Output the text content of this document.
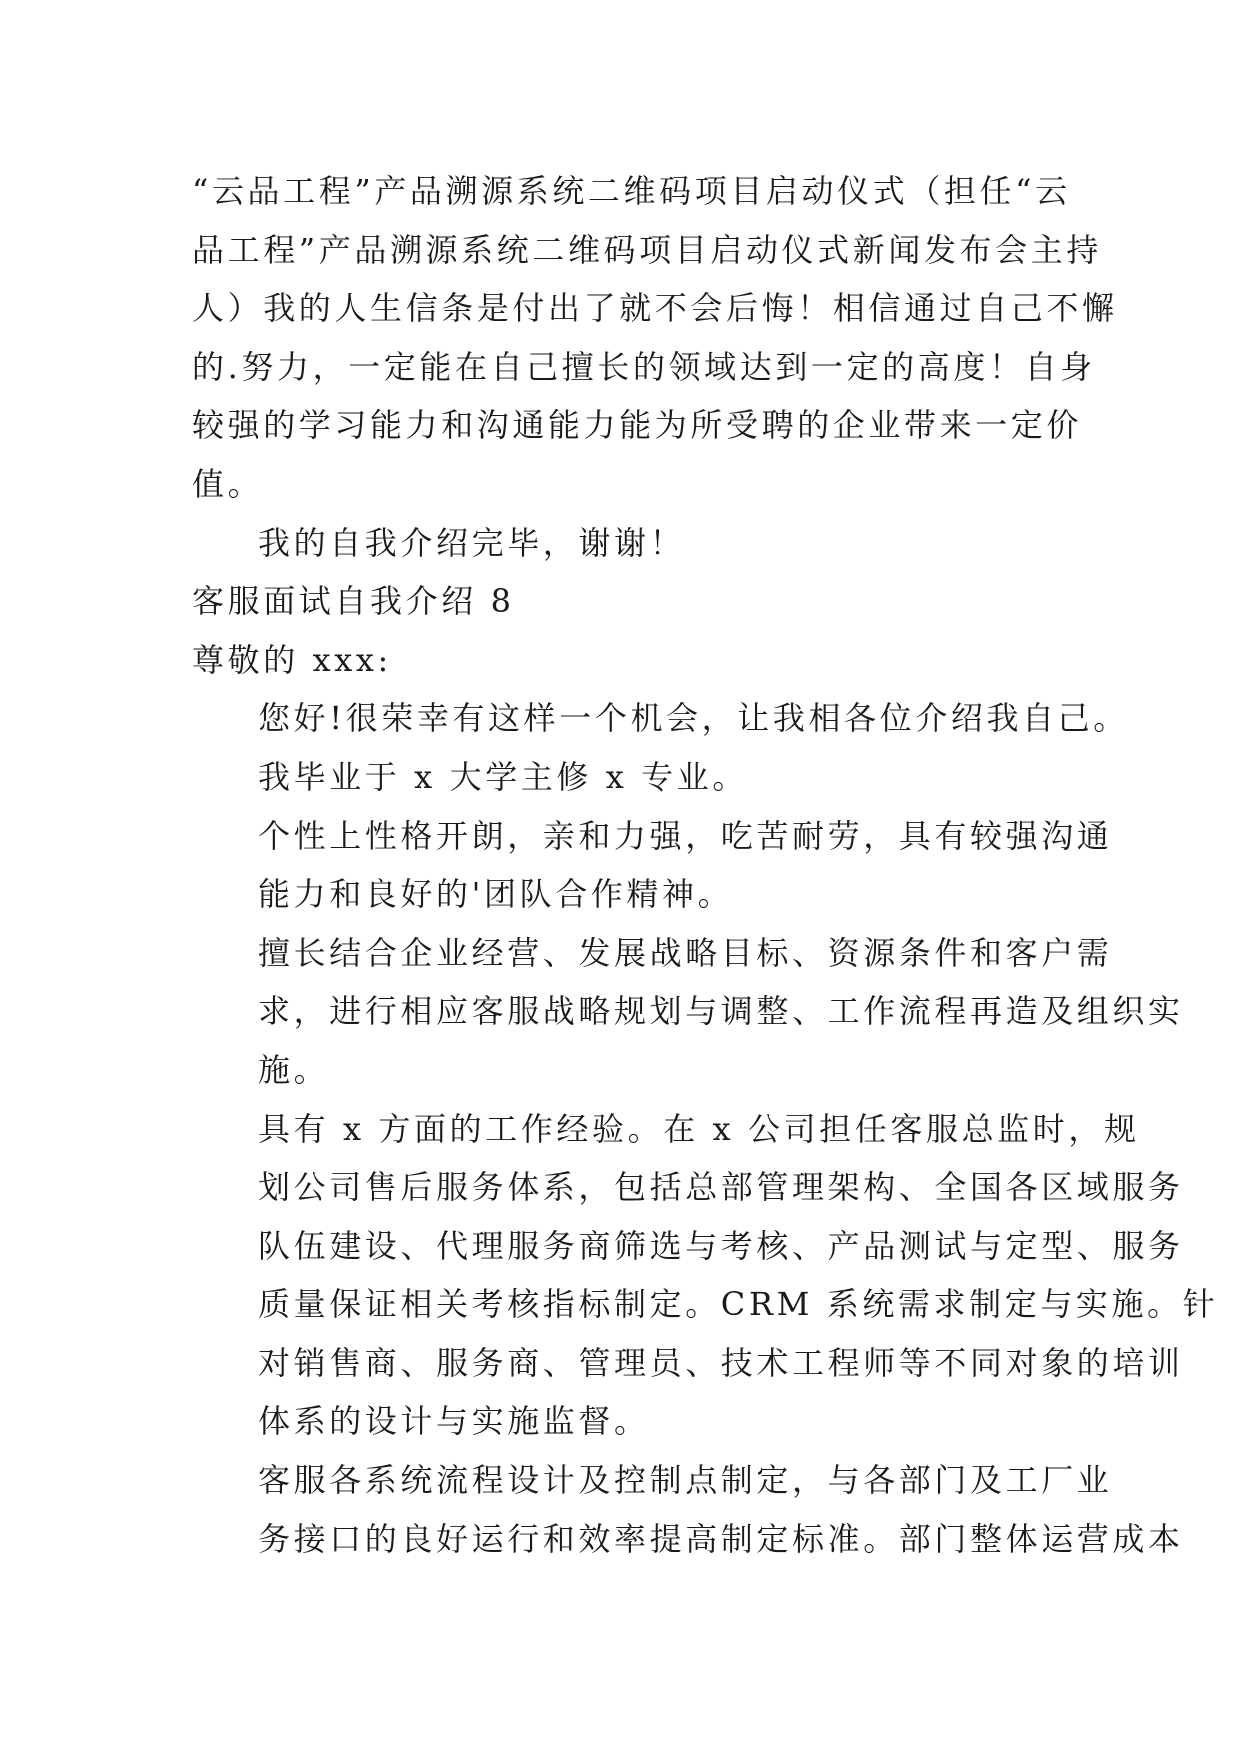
“云品工程”产品溯源系统二维码项目启动仪式（担任“云
品工程”产品溯源系统二维码项目启动仪式新闻发布会主持
人）我的人生信条是付出了就不会后悔！相信通过自己不懈
的.努力，一定能在自己擅长的领域达到一定的高度！自身
较强的学习能力和沟通能力能为所受聘的企业带来一定价
值。

我的自我介绍完毕，谢谢！

客服面试自我介绍 8

尊敬的 xxx:

您好!很荣幸有这样一个机会，让我相各位介绍我自己。
我毕业于 x 大学主修 x 专业。

个性上性格开朗，亲和力强，吃苦耐劳，具有较强沟通
能力和良好的'团队合作精神。

擅长结合企业经营、发展战略目标、资源条件和客户需
求，进行相应客服战略规划与调整、工作流程再造及组织实
施。

具有 x 方面的工作经验。在 x 公司担任客服总监时，规
划公司售后服务体系，包括总部管理架构、全国各区域服务
队伍建设、代理服务商筛选与考核、产品测试与定型、服务
质量保证相关考核指标制定。CRM 系统需求制定与实施。针
对销售商、服务商、管理员、技术工程师等不同对象的培训
体系的设计与实施监督。

客服各系统流程设计及控制点制定，与各部门及工厂业
务接口的良好运行和效率提高制定标准。部门整体运营成本
